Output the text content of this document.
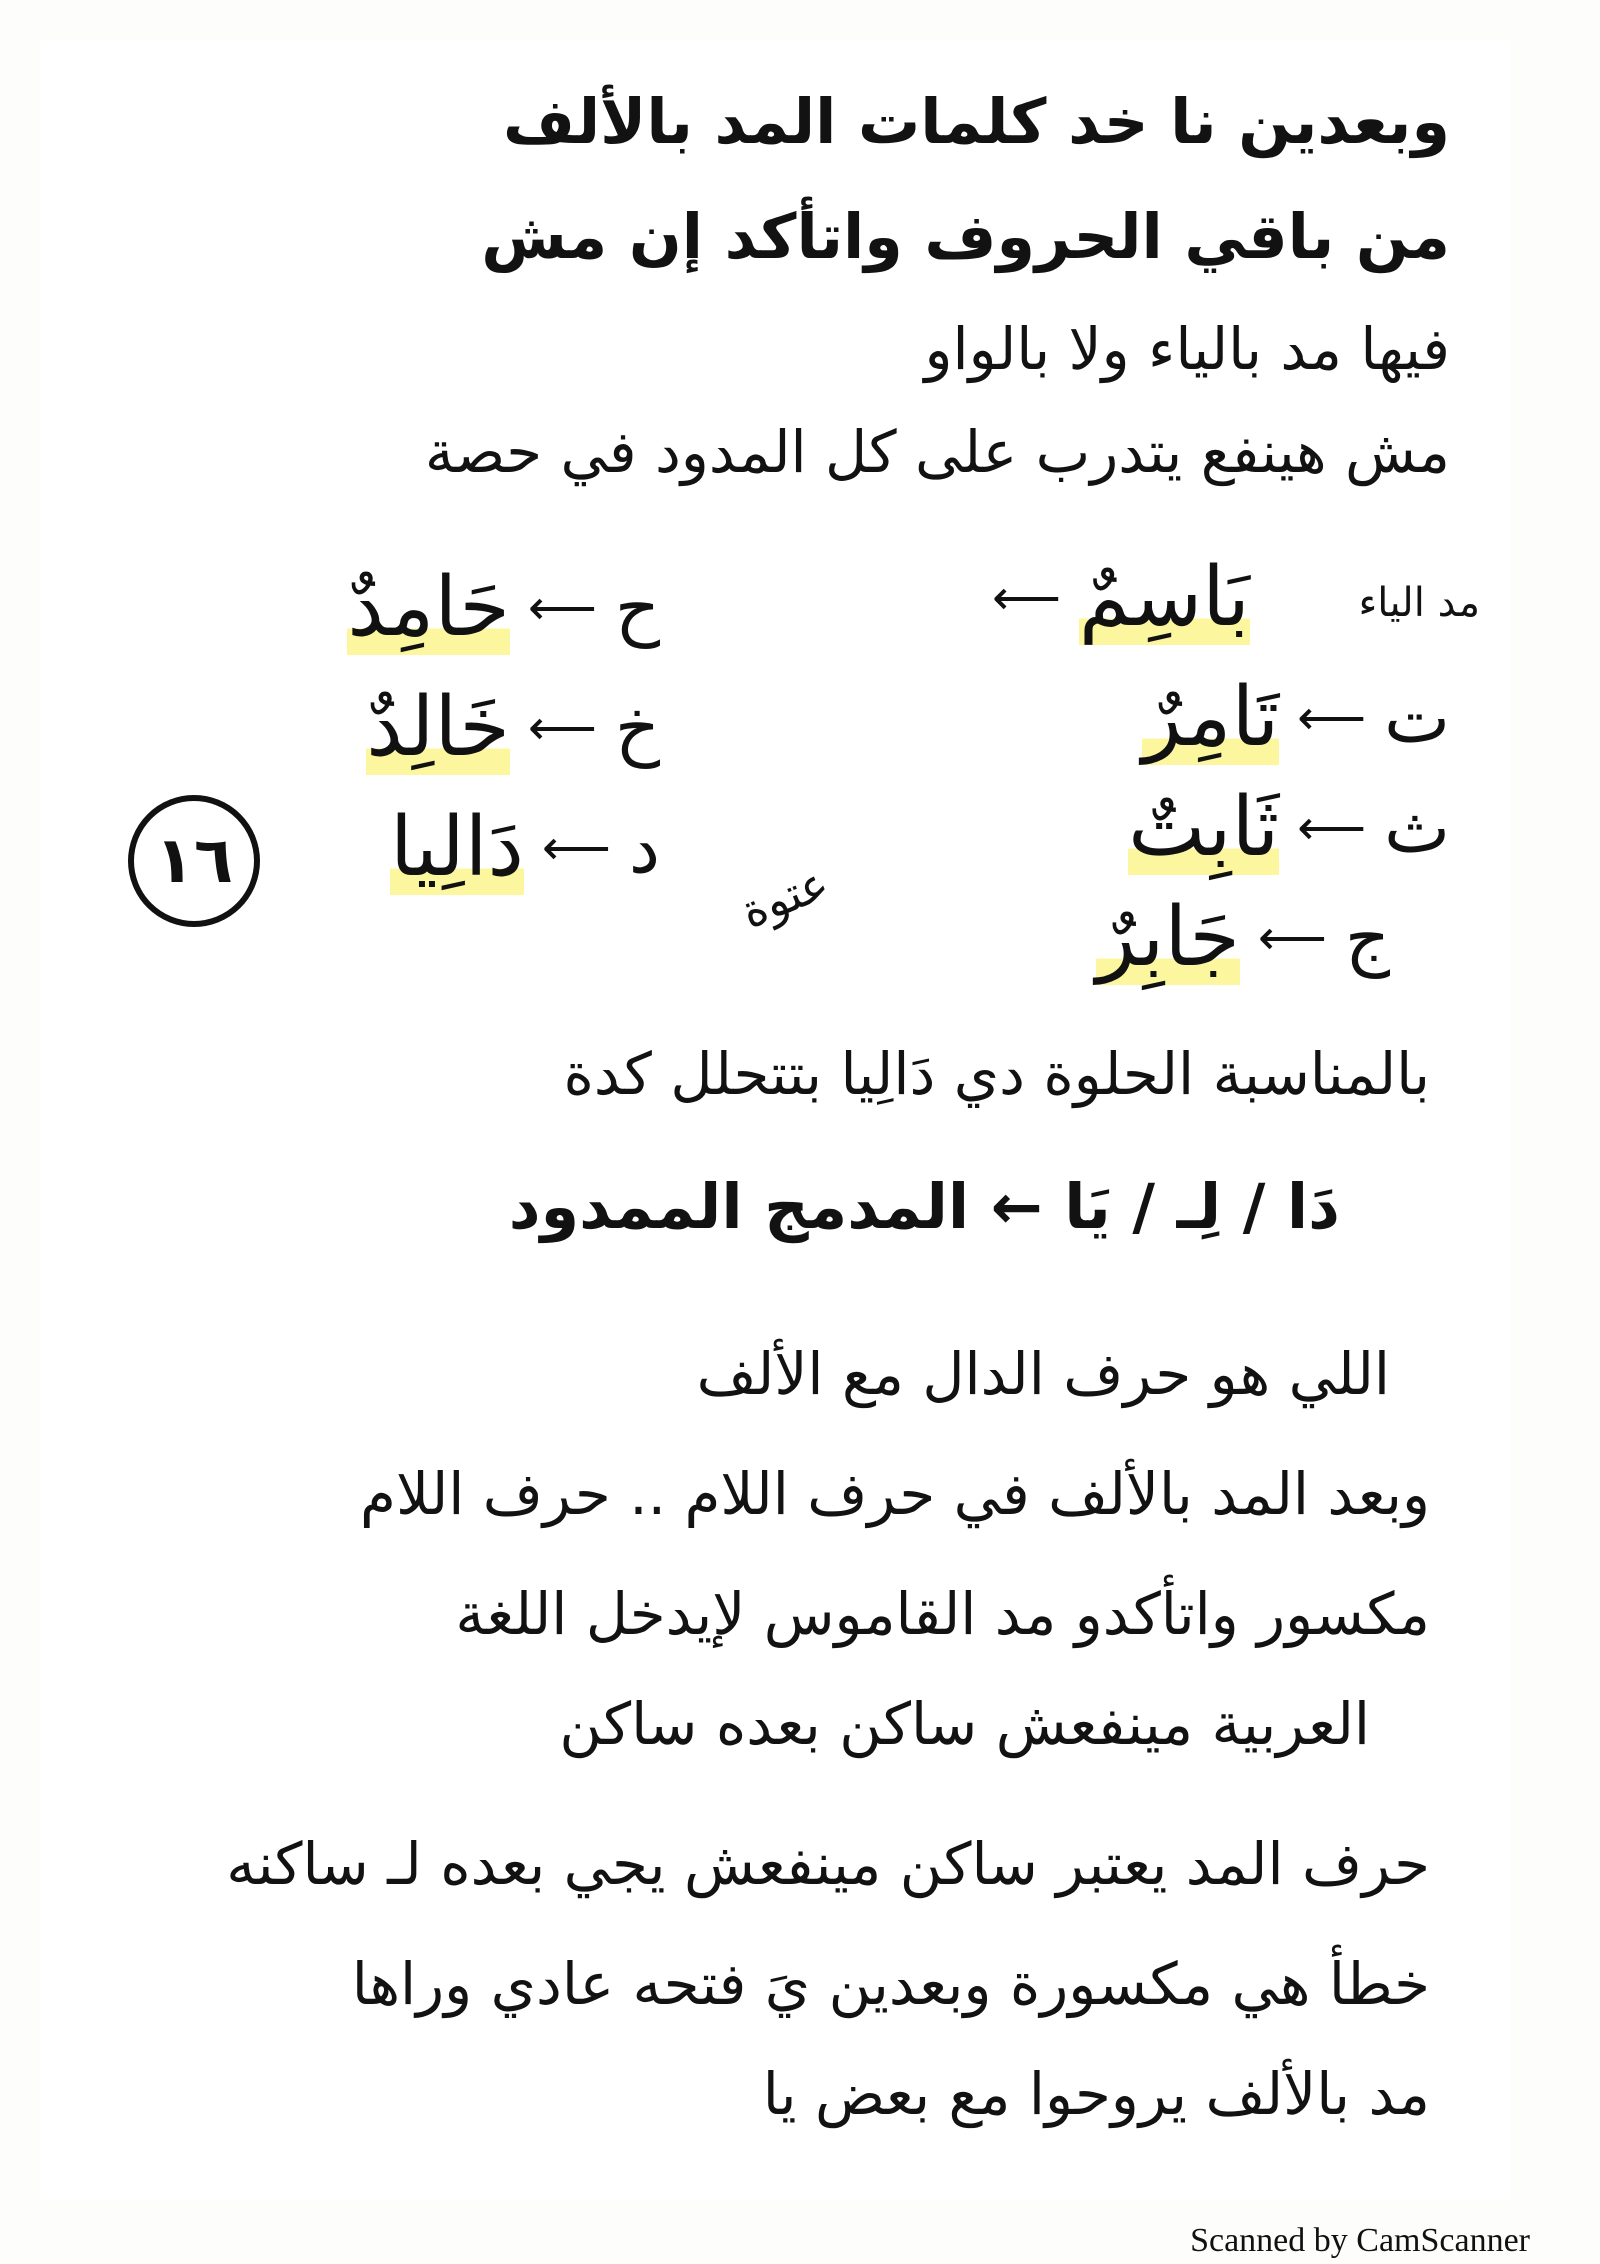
وبعدين نا خد كلمات المد بالألف
من باقي الحروف واتأكد إن مش
فيها مد بالياء ولا بالواو
مش هينفع يتدرب على كل المدود في حصة
مد الياء
بَاسِمٌ
⟵
ت
⟵
تَامِرٌ
ث
⟵
ثَابِتٌ
ج
⟵
جَابِرٌ
ح
⟵
حَامِدٌ
خ
⟵
خَالِدٌ
د
⟵
دَالِيا
عتوة
١٦
بالمناسبة الحلوة دي دَالِيا بتتحلل كدة
دَا / لِـ / يَا ← المدمج الممدود
اللي هو حرف الدال مع الألف
وبعد المد بالألف في حرف اللام .. حرف اللام
مكسور واتأكدو مد القاموس لإيدخل اللغة
العربية مينفعش ساكن بعده ساكن
حرف المد يعتبر ساكن مينفعش يجي بعده لـ ساكنه
خطأ هي مكسورة وبعدين يَ فتحه عادي وراها
مد بالألف يروحوا مع بعض يا
Scanned by CamScanner
